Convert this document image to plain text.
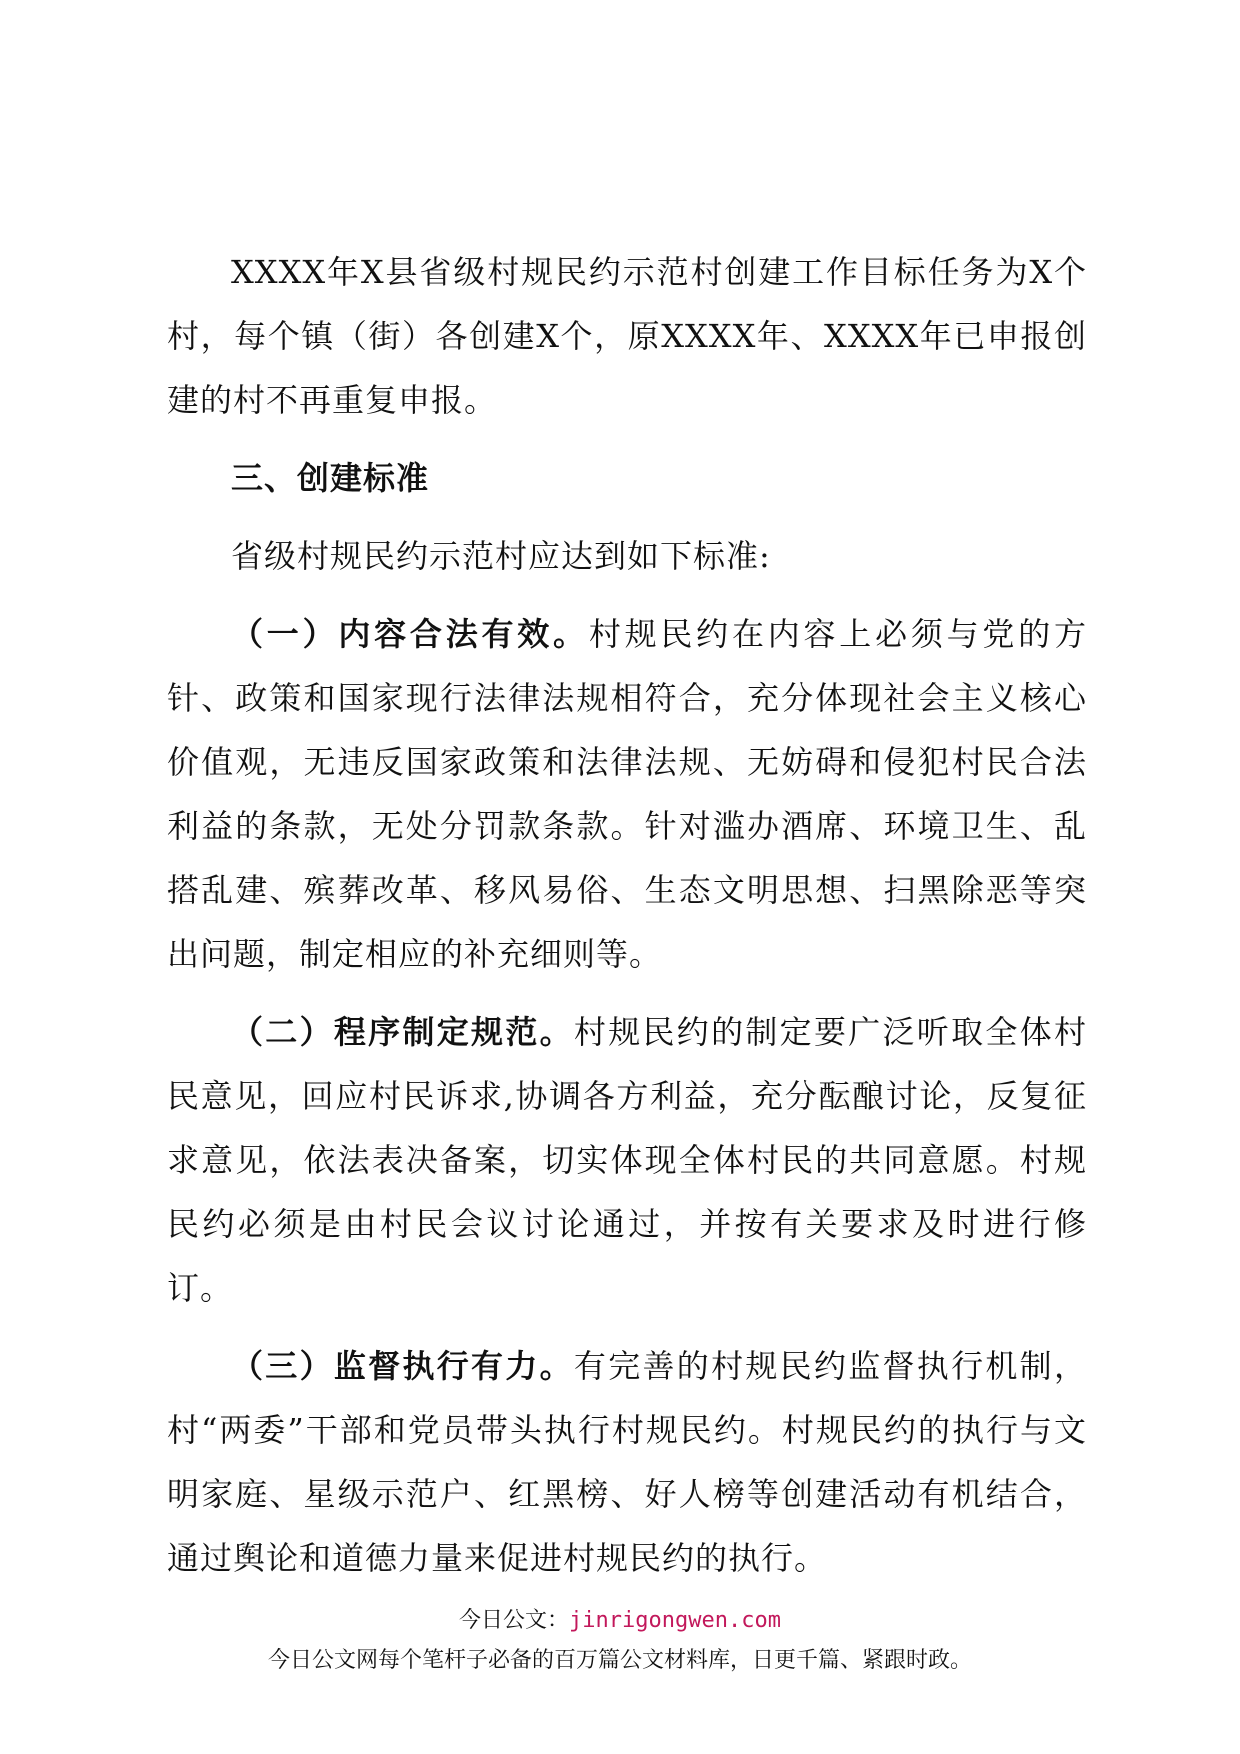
XXXX年X县省级村规民约示范村创建工作目标任务为X个村，每个镇（街）各创建X个，原XXXX年、XXXX年已申报创建的村不再重复申报。

三、创建标准

省级村规民约示范村应达到如下标准:

（一）内容合法有效。村规民约在内容上必须与党的方针、政策和国家现行法律法规相符合，充分体现社会主义核心价值观，无违反国家政策和法律法规、无妨碍和侵犯村民合法利益的条款，无处分罚款条款。针对滥办酒席、环境卫生、乱搭乱建、殡葬改革、移风易俗、生态文明思想、扫黑除恶等突出问题，制定相应的补充细则等。

（二）程序制定规范。村规民约的制定要广泛听取全体村民意见，回应村民诉求,协调各方利益，充分酝酿讨论，反复征求意见，依法表决备案，切实体现全体村民的共同意愿。村规民约必须是由村民会议讨论通过，并按有关要求及时进行修订。

（三）监督执行有力。有完善的村规民约监督执行机制，村“两委”干部和党员带头执行村规民约。村规民约的执行与文明家庭、星级示范户、红黑榜、好人榜等创建活动有机结合，通过舆论和道德力量来促进村规民约的执行。

今日公文：jinrigongwen.com
今日公文网每个笔杆子必备的百万篇公文材料库，日更千篇、紧跟时政。
